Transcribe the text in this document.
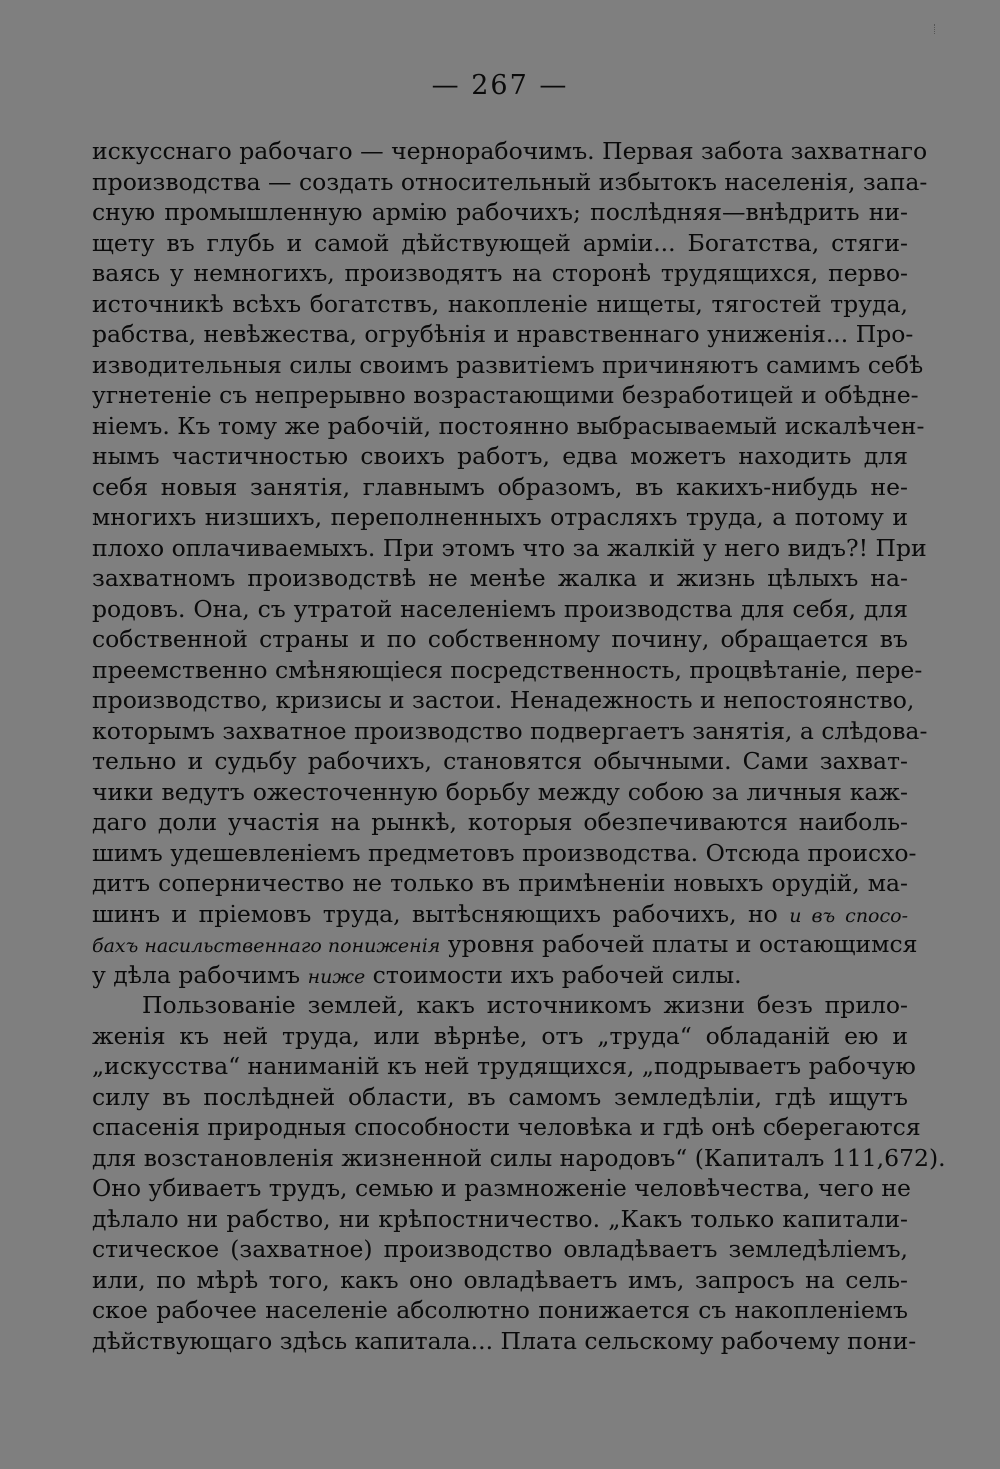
— 267 —
искусснаго рабочаго — чернорабочимъ. Первая забота захватнаго
производства — создать относительный избытокъ населенія, запа-
сную промышленную армію рабочихъ; послѣдняя—внѣдрить ни-
щету въ глубь и самой дѣйствующей арміи... Богатства, стяги-
ваясь у немногихъ, производятъ на сторонѣ трудящихся, перво-
источникѣ всѣхъ богатствъ, накопленіе нищеты, тягостей труда,
рабства, невѣжества, огрубѣнія и нравственнаго униженія... Про-
изводительныя силы своимъ развитіемъ причиняютъ самимъ себѣ
угнетеніе съ непрерывно возрастающими безработицей и обѣдне-
ніемъ. Къ тому же рабочій, постоянно выбрасываемый искалѣчен-
нымъ частичностью своихъ работъ, едва можетъ находить для
себя новыя занятія, главнымъ образомъ, въ какихъ-нибудь не-
многихъ низшихъ, переполненныхъ отрасляхъ труда, а потому и
плохо оплачиваемыхъ. При этомъ что за жалкій у него видъ?! При
захватномъ производствѣ не менѣе жалка и жизнь цѣлыхъ на-
родовъ. Она, съ утратой населеніемъ производства для себя, для
собственной страны и по собственному почину, обращается въ
преемственно смѣняющіеся посредственность, процвѣтаніе, пере-
производство, кризисы и застои. Ненадежность и непостоянство,
которымъ захватное производство подвергаетъ занятія, а слѣдова-
тельно и судьбу рабочихъ, становятся обычными. Сами захват-
чики ведутъ ожесточенную борьбу между собою за личныя каж-
даго доли участія на рынкѣ, которыя обезпечиваются наиболь-
шимъ удешевленіемъ предметовъ производства. Отсюда происхо-
дитъ соперничество не только въ примѣненіи новыхъ орудій, ма-
шинъ и пріемовъ труда, вытѣсняющихъ рабочихъ, но и въ спосо-
бахъ насильственнаго пониженія уровня рабочей платы и остающимся
у дѣла рабочимъ ниже стоимости ихъ рабочей силы.
Пользованіе землей, какъ источникомъ жизни безъ прило-
женія къ ней труда, или вѣрнѣе, отъ „труда“ обладаній ею и
„искусства“ наниманій къ ней трудящихся, „подрываетъ рабочую
силу въ послѣдней области, въ самомъ земледѣліи, гдѣ ищутъ
спасенія природныя способности человѣка и гдѣ онѣ сберегаются
для возстановленія жизненной силы народовъ“ (Капиталъ 111,672).
Оно убиваетъ трудъ, семью и размноженіе человѣчества, чего не
дѣлало ни рабство, ни крѣпостничество. „Какъ только капитали-
стическое (захватное) производство овладѣваетъ земледѣліемъ,
или, по мѣрѣ того, какъ оно овладѣваетъ имъ, запросъ на сель-
ское рабочее населеніе абсолютно понижается съ накопленіемъ
дѣйствующаго здѣсь капитала... Плата сельскому рабочему пони-
